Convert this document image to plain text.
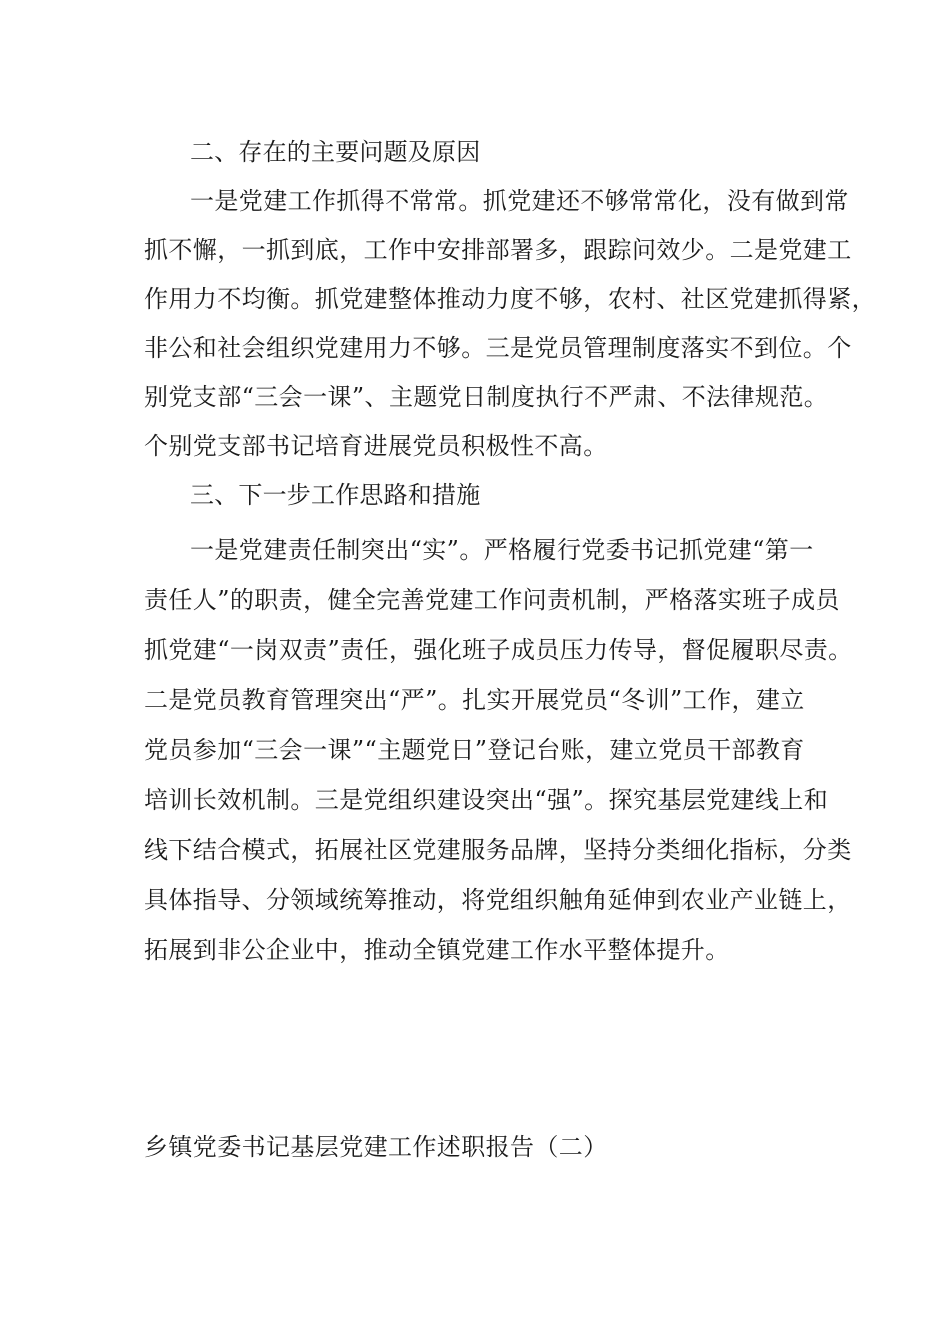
二、存在的主要问题及原因
一是党建工作抓得不常常。抓党建还不够常常化，没有做到常
抓不懈，一抓到底，工作中安排部署多，跟踪问效少。二是党建工
作用力不均衡。抓党建整体推动力度不够，农村、社区党建抓得紧，
非公和社会组织党建用力不够。三是党员管理制度落实不到位。个
别党支部“三会一课”、主题党日制度执行不严肃、不法律规范。
个别党支部书记培育进展党员积极性不高。
三、下一步工作思路和措施
一是党建责任制突出“实”。严格履行党委书记抓党建“第一
责任人”的职责，健全完善党建工作问责机制，严格落实班子成员
抓党建“一岗双责”责任，强化班子成员压力传导，督促履职尽责。
二是党员教育管理突出“严”。扎实开展党员“冬训”工作，建立
党员参加“三会一课”“主题党日”登记台账，建立党员干部教育
培训长效机制。三是党组织建设突出“强”。探究基层党建线上和
线下结合模式，拓展社区党建服务品牌，坚持分类细化指标，分类
具体指导、分领域统筹推动，将党组织触角延伸到农业产业链上，
拓展到非公企业中，推动全镇党建工作水平整体提升。
乡镇党委书记基层党建工作述职报告（二）
